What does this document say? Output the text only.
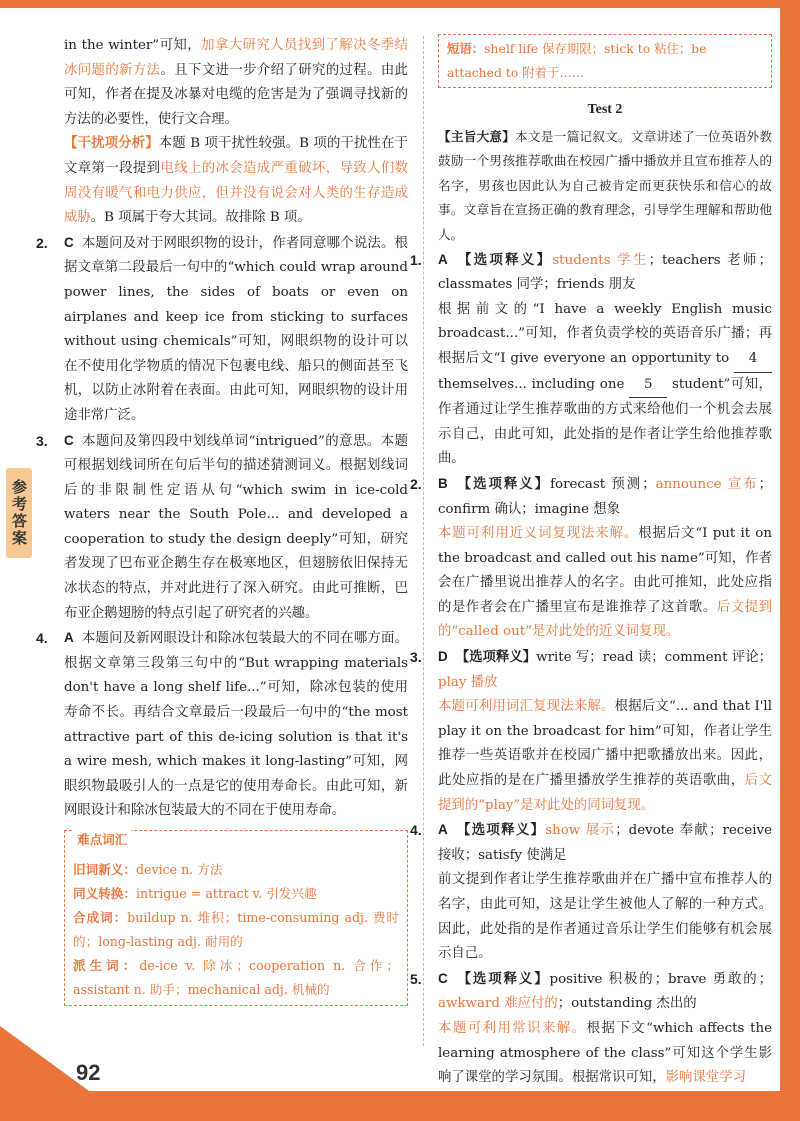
参考答案
92

in the winter”可知，加拿大研究人员找到了解决冬季结冰问题的新方法。且下文进一步介绍了研究的过程。由此可知，作者在提及冰暴对电缆的危害是为了强调寻找新的方法的必要性，使行文合理。

【干扰项分析】本题 B 项干扰性较强。B 项的干扰性在于文章第一段提到电线上的冰会造成严重破坏，导致人们数周没有暖气和电力供应，但并没有说会对人类的生存造成威胁。B 项属于夸大其词。故排除 B 项。

2. C 本题问及对于网眼织物的设计，作者同意哪个说法。根据文章第二段最后一句中的“which could wrap around power lines, the sides of boats or even on airplanes and keep ice from sticking to surfaces without using chemicals”可知，网眼织物的设计可以在不使用化学物质的情况下包裹电线、船只的侧面甚至飞机，以防止冰附着在表面。由此可知，网眼织物的设计用途非常广泛。

3. C 本题问及第四段中划线单词“intrigued”的意思。本题可根据划线词所在句后半句的描述猜测词义。根据划线词后的非限制性定语从句“which swim in ice-cold waters near the South Pole... and developed a cooperation to study the design deeply”可知，研究者发现了巴布亚企鹅生存在极寒地区，但翅膀依旧保持无冰状态的特点，并对此进行了深入研究。由此可推断，巴布亚企鹅翅膀的特点引起了研究者的兴趣。

4. A 本题问及新网眼设计和除冰包装最大的不同在哪方面。根据文章第三段第三句中的“But wrapping materials don't have a long shelf life...”可知，除冰包装的使用寿命不长。再结合文章最后一段最后一句中的“the most attractive part of this de-icing solution is that it's a wire mesh, which makes it long-lasting”可知，网眼织物最吸引人的一点是它的使用寿命长。由此可知，新网眼设计和除冰包装最大的不同在于使用寿命。

难点词汇

旧词新义：device n. 方法

同义转换：intrigue = attract v. 引发兴趣

合成词：buildup n. 堆积；time-consuming adj. 费时的；long-lasting adj. 耐用的

派生词：de-ice v. 除冰；cooperation n. 合作；assistant n. 助手；mechanical adj. 机械的

短语：shelf life 保存期限；stick to 粘住；be attached to 附着于……
Test 2

【主旨大意】本文是一篇记叙文。文章讲述了一位英语外教鼓励一个男孩推荐歌曲在校园广播中播放并且宣布推荐人的名字，男孩也因此认为自己被肯定而更获快乐和信心的故事。文章旨在宣扬正确的教育理念，引导学生理解和帮助他人。

1. A 【选项释义】students 学生；teachers 老师；classmates 同学；friends 朋友

根据前文的“I have a weekly English music broadcast...”可知，作者负责学校的英语音乐广播；再根据后文“I give everyone an opportunity to 4 themselves... including one 5 student”可知，作者通过让学生推荐歌曲的方式来给他们一个机会去展示自己，由此可知，此处指的是作者让学生给他推荐歌曲。

2. B 【选项释义】forecast 预测；announce 宣布；confirm 确认；imagine 想象

本题可利用近义词复现法来解。根据后文“I put it on the broadcast and called out his name”可知，作者会在广播里说出推荐人的名字。由此可推知，此处应指的是作者会在广播里宣布是谁推荐了这首歌。后文提到的“called out”是对此处的近义词复现。

3. D 【选项释义】write 写；read 读；comment 评论；play 播放

本题可利用词汇复现法来解。根据后文“... and that I'll play it on the broadcast for him”可知，作者让学生推荐一些英语歌并在校园广播中把歌播放出来。因此，此处应指的是在广播里播放学生推荐的英语歌曲，后文提到的“play”是对此处的同词复现。

4. A 【选项释义】show 展示；devote 奉献；receive 接收；satisfy 使满足

前文提到作者让学生推荐歌曲并在广播中宣布推荐人的名字，由此可知，这是让学生被他人了解的一种方式。因此，此处指的是作者通过音乐让学生们能够有机会展示自己。

5. C 【选项释义】positive 积极的；brave 勇敢的；awkward 难应付的；outstanding 杰出的

本题可利用常识来解。根据下文“which affects the learning atmosphere of the class”可知这个学生影响了课堂的学习氛围。根据常识可知，影响课堂学习
